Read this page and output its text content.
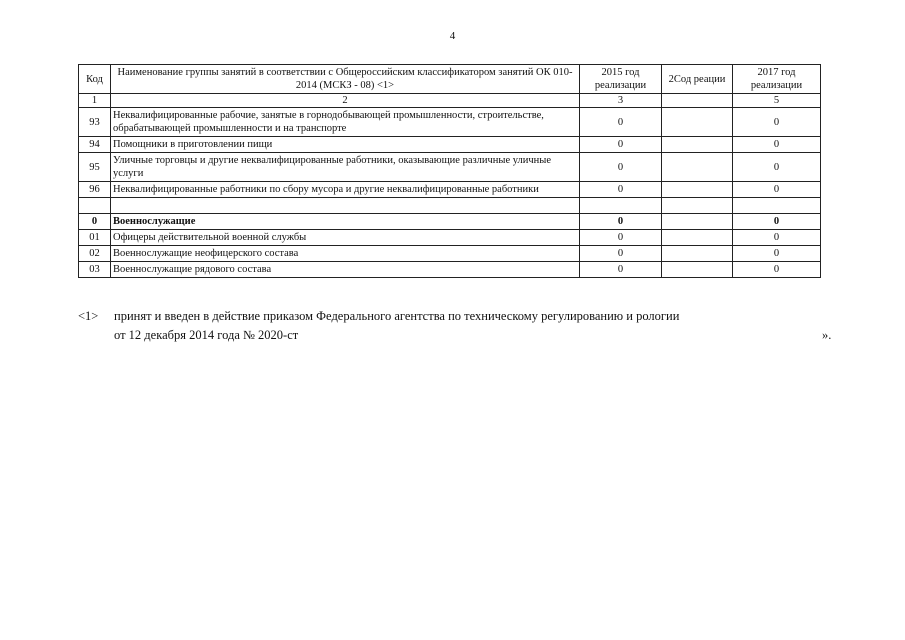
4
Код	Наименование группы занятий в соответствии с Общероссийским классификатором занятий ОК 010-2014 (МСКЗ - 08) <1>	2015 год реализации	2Сод реации	2017 год реализации
1	2	3		5
93	Неквалифицированные рабочие, занятые в горнодобывающей промышленности, строительстве, обрабатывающей промышленности и на транспорте	0		0
94	Помощники в приготовлении пищи	0		0
95	Уличные торговцы и другие неквалифицированные работники, оказывающие различные уличные услуги	0		0
96	Неквалифицированные работники по сбору мусора и другие неквалифицированные работники	0		0

0	Военнослужащие	0		0
01	Офицеры действительной военной службы	0		0
02	Военнослужащие неофицерского состава	0		0
03	Военнослужащие рядового состава	0		0
<1> принят и введен в действие приказом Федерального агентства по техническому регулированию и рологии
от 12 декабря 2014 года № 2020-ст	».
